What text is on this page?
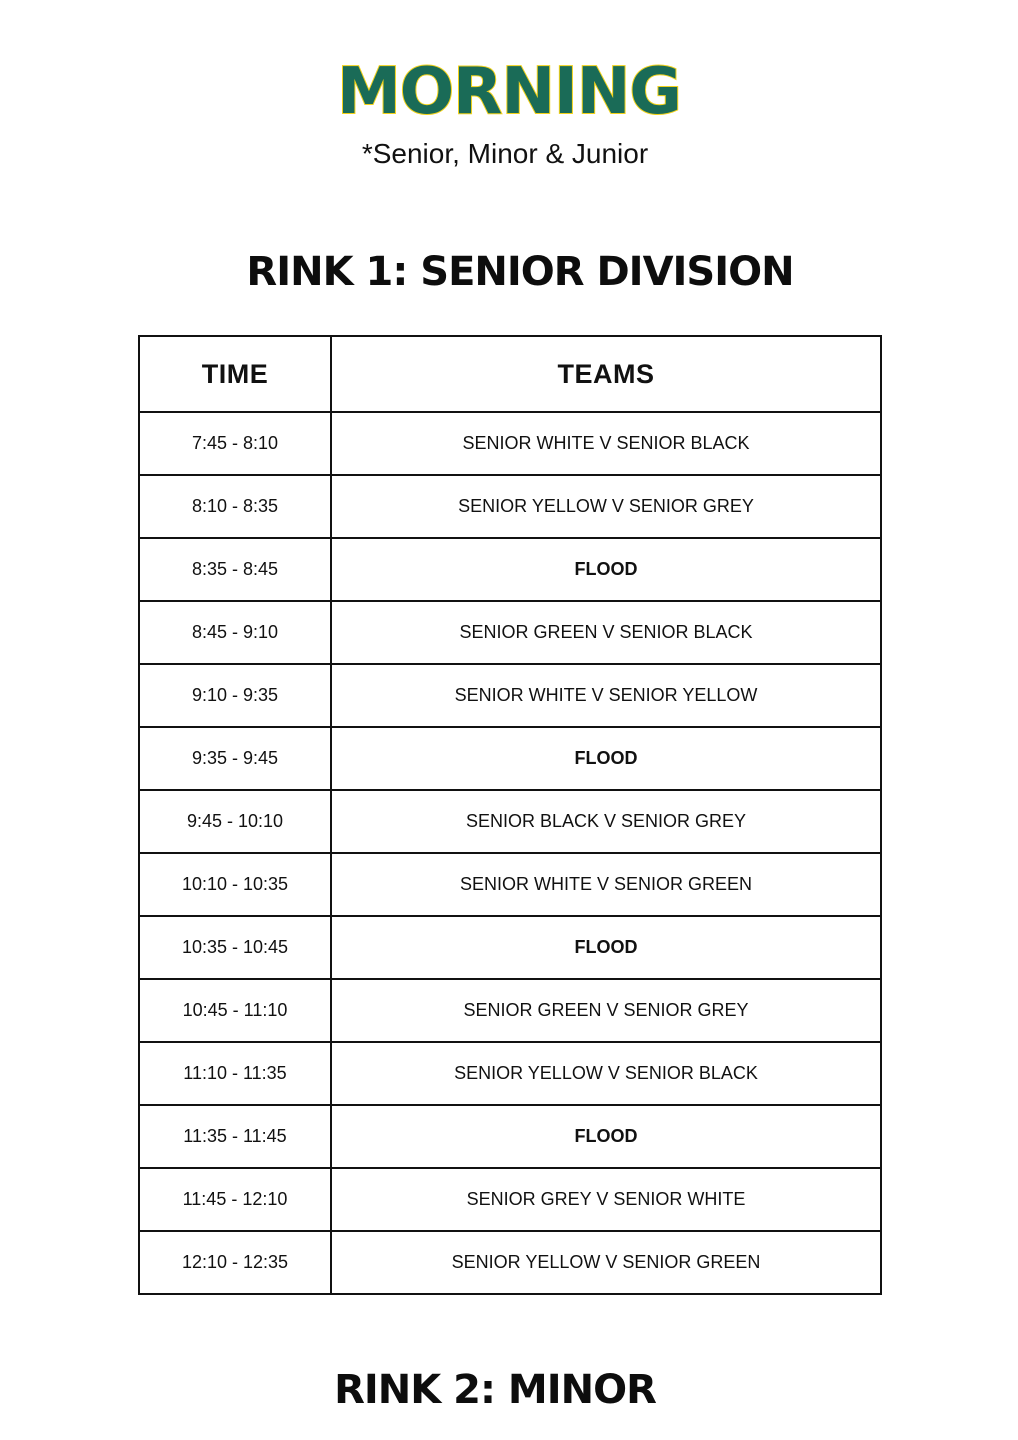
MORNING
*Senior, Minor & Junior
RINK 1: SENIOR DIVISION
TIME	TEAMS
7:45 - 8:10	SENIOR WHITE V SENIOR BLACK
8:10 - 8:35	SENIOR YELLOW V SENIOR GREY
8:35 - 8:45	FLOOD
8:45 - 9:10	SENIOR GREEN V SENIOR BLACK
9:10 - 9:35	SENIOR WHITE V SENIOR YELLOW
9:35 - 9:45	FLOOD
9:45 - 10:10	SENIOR BLACK V SENIOR GREY
10:10 - 10:35	SENIOR WHITE V SENIOR GREEN
10:35 - 10:45	FLOOD
10:45 - 11:10	SENIOR GREEN V SENIOR GREY
11:10 - 11:35	SENIOR YELLOW V SENIOR BLACK
11:35 - 11:45	FLOOD
11:45 - 12:10	SENIOR GREY V SENIOR WHITE
12:10 - 12:35	SENIOR YELLOW V SENIOR GREEN
RINK 2: MINOR
